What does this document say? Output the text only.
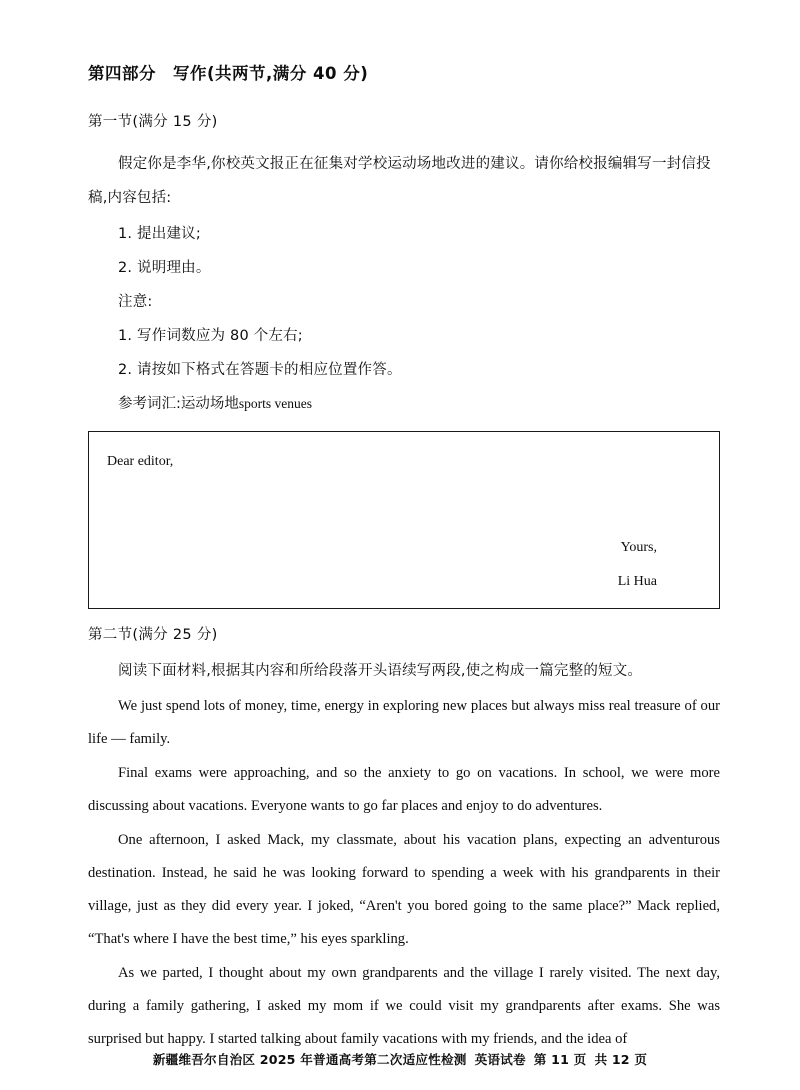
第四部分　写作(共两节,满分 40 分)
第一节(满分 15 分)

假定你是李华,你校英文报正在征集对学校运动场地改进的建议。请你给校报编辑写一封信投稿,内容包括:

1. 提出建议;

2. 说明理由。

注意:

1. 写作词数应为 80 个左右;

2. 请按如下格式在答题卡的相应位置作答。

参考词汇:运动场地sports venues

Dear editor,
Yours,
Li Hua
第二节(满分 25 分)

阅读下面材料,根据其内容和所给段落开头语续写两段,使之构成一篇完整的短文。

We just spend lots of money, time, energy in exploring new places but always miss real treasure of our life — family.

Final exams were approaching, and so the anxiety to go on vacations. In school, we were more discussing about vacations. Everyone wants to go far places and enjoy to do adventures.

One afternoon, I asked Mack, my classmate, about his vacation plans, expecting an adventurous destination. Instead, he said he was looking forward to spending a week with his grandparents in their village, just as they did every year. I joked, “Aren't you bored going to the same place?” Mack replied, “That's where I have the best time,” his eyes sparkling.

As we parted, I thought about my own grandparents and the village I rarely visited. The next day, during a family gathering, I asked my mom if we could visit my grandparents after exams. She was surprised but happy. I started talking about family vacations with my friends, and the idea of

新疆维吾尔自治区 2025 年普通高考第二次适应性检测 英语试卷 第 11 页 共 12 页
